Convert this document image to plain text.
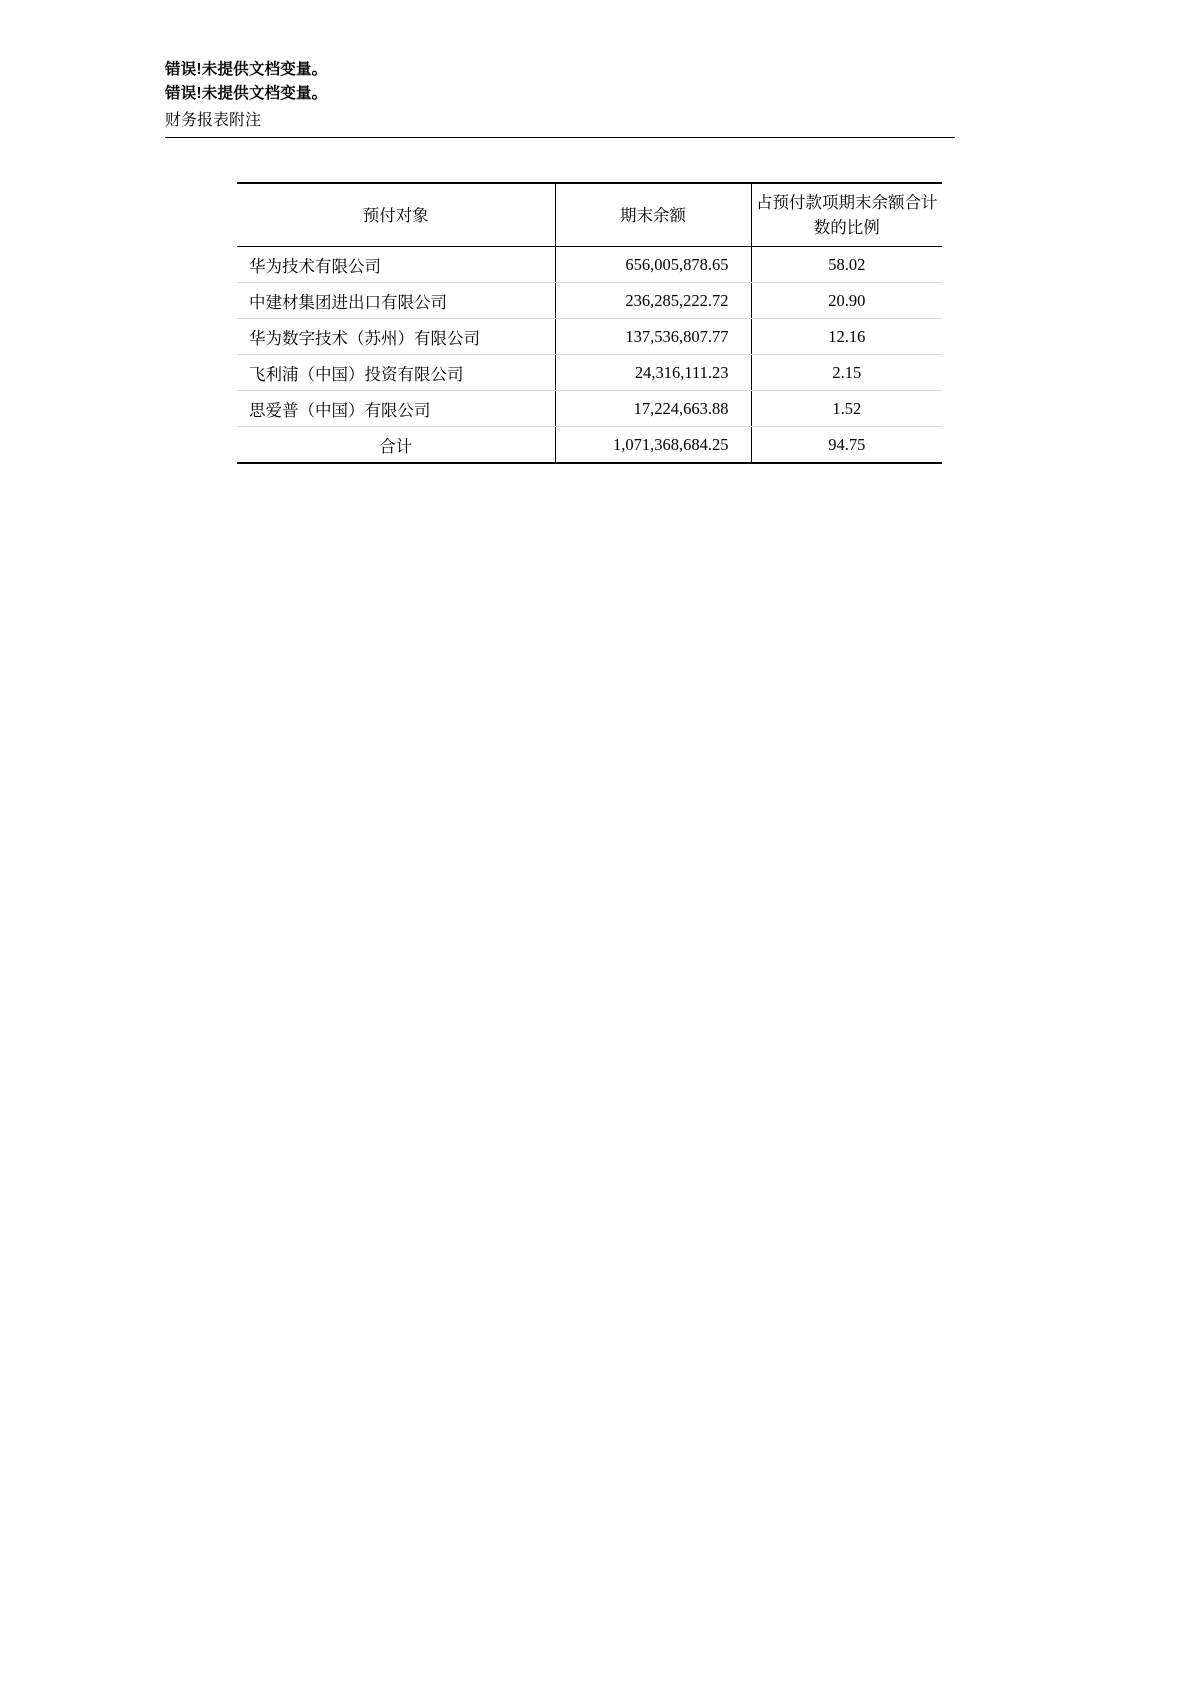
错误!未提供文档变量。
错误!未提供文档变量。
财务报表附注
预付对象	期末余额	占预付款项期末余额合计数的比例
华为技术有限公司	656,005,878.65	58.02
中建材集团进出口有限公司	236,285,222.72	20.90
华为数字技术（苏州）有限公司	137,536,807.77	12.16
飞利浦（中国）投资有限公司	24,316,111.23	2.15
思爱普（中国）有限公司	17,224,663.88	1.52
合计	1,071,368,684.25	94.75
